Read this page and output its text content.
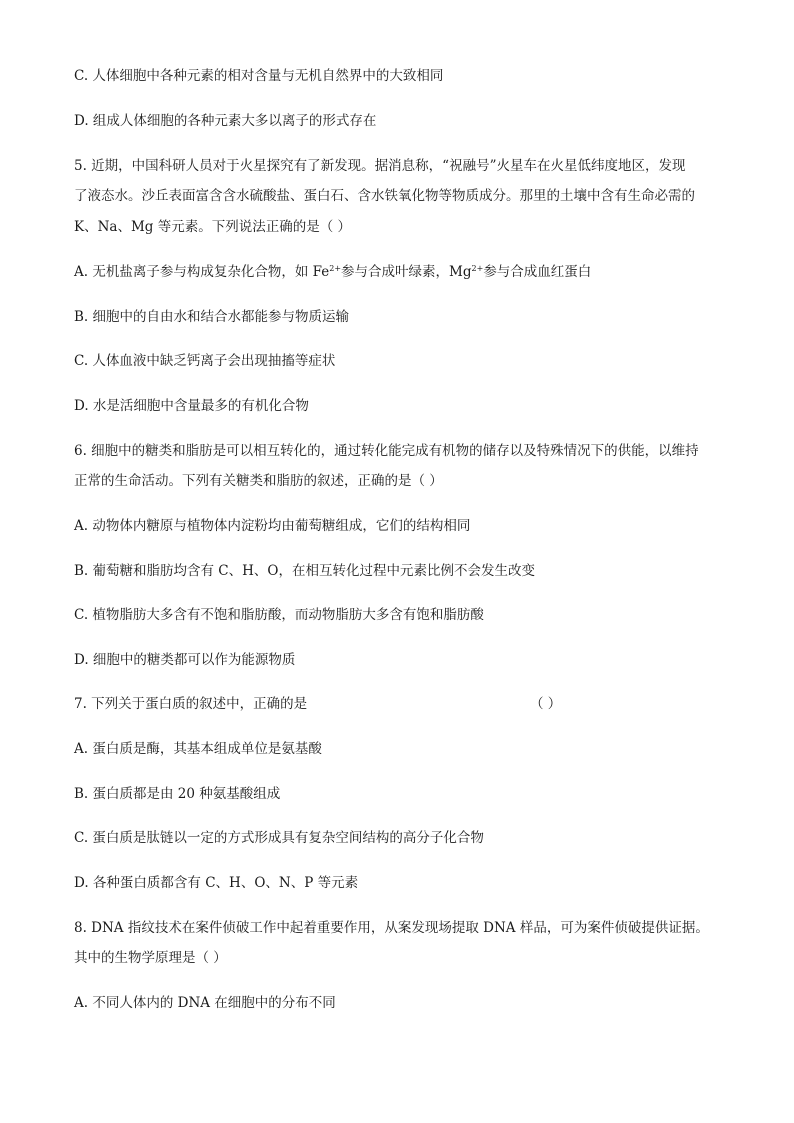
C. 人体细胞中各种元素的相对含量与无机自然界中的大致相同
D. 组成人体细胞的各种元素大多以离子的形式存在
5. 近期，中国科研人员对于火星探究有了新发现。据消息称，“祝融号”火星车在火星低纬度地区，发现
了液态水。沙丘表面富含含水硫酸盐、蛋白石、含水铁氧化物等物质成分。那里的土壤中含有生命必需的
K、Na、Mg 等元素。下列说法正确的是（ ）
A. 无机盐离子参与构成复杂化合物，如 $Fe^{2+}$参与合成叶绿素，$Mg^{2+}$参与合成血红蛋白
B. 细胞中的自由水和结合水都能参与物质运输
C. 人体血液中缺乏钙离子会出现抽搐等症状
D. 水是活细胞中含量最多的有机化合物
6. 细胞中的糖类和脂肪是可以相互转化的，通过转化能完成有机物的储存以及特殊情况下的供能，以维持
正常的生命活动。下列有关糖类和脂肪的叙述，正确的是（ ）
A. 动物体内糖原与植物体内淀粉均由葡萄糖组成，它们的结构相同
B. 葡萄糖和脂肪均含有 C、H、O，在相互转化过程中元素比例不会发生改变
C. 植物脂肪大多含有不饱和脂肪酸，而动物脂肪大多含有饱和脂肪酸
D. 细胞中的糖类都可以作为能源物质
7. 下列关于蛋白质的叙述中，正确的是	（ ）
A. 蛋白质是酶，其基本组成单位是氨基酸
B. 蛋白质都是由 20 种氨基酸组成
C. 蛋白质是肽链以一定的方式形成具有复杂空间结构的高分子化合物
D. 各种蛋白质都含有 C、H、O、N、P 等元素
8. DNA 指纹技术在案件侦破工作中起着重要作用，从案发现场提取 DNA 样品，可为案件侦破提供证据。
其中的生物学原理是（ ）
A. 不同人体内的 DNA 在细胞中的分布不同
